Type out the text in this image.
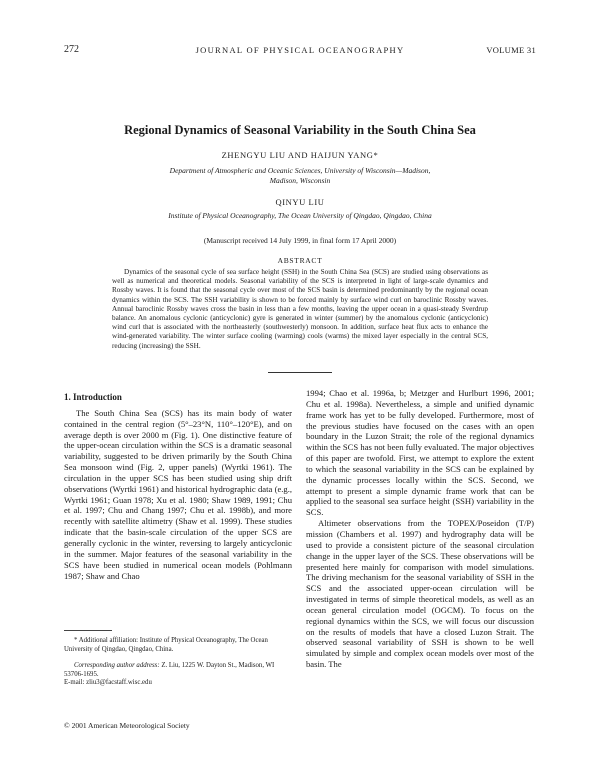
272	JOURNAL OF PHYSICAL OCEANOGRAPHY	VOLUME 31
Regional Dynamics of Seasonal Variability in the South China Sea
ZHENGYU LIU AND HAIJUN YANG*
Department of Atmospheric and Oceanic Sciences, University of Wisconsin—Madison,
Madison, Wisconsin
QINYU LIU
Institute of Physical Oceanography, The Ocean University of Qingdao, Qingdao, China
(Manuscript received 14 July 1999, in final form 17 April 2000)
ABSTRACT
Dynamics of the seasonal cycle of sea surface height (SSH) in the South China Sea (SCS) are studied using observations as well as numerical and theoretical models. Seasonal variability of the SCS is interpreted in light of large-scale dynamics and Rossby waves. It is found that the seasonal cycle over most of the SCS basin is determined predominantly by the regional ocean dynamics within the SCS. The SSH variability is shown to be forced mainly by surface wind curl on baroclinic Rossby waves. Annual baroclinic Rossby waves cross the basin in less than a few months, leaving the upper ocean in a quasi-steady Sverdrup balance. An anomalous cyclonic (anticyclonic) gyre is generated in winter (summer) by the anomalous cyclonic (anticyclonic) wind curl that is associated with the northeasterly (southwesterly) monsoon. In addition, surface heat flux acts to enhance the wind-generated variability. The winter surface cooling (warming) cools (warms) the mixed layer especially in the central SCS, reducing (increasing) the SSH.
1. Introduction

The South China Sea (SCS) has its main body of water contained in the central region (5°–23°N, 110°–120°E), and on average depth is over 2000 m (Fig. 1). One distinctive feature of the upper-ocean circulation within the SCS is a dramatic seasonal variability, suggested to be driven primarily by the South China Sea monsoon wind (Fig. 2, upper panels) (Wyrtki 1961). The circulation in the upper SCS has been studied using ship drift observations (Wyrtki 1961) and historical hydrographic data (e.g., Wyrtki 1961; Guan 1978; Xu et al. 1980; Shaw 1989, 1991; Chu et al. 1997; Chu and Chang 1997; Chu et al. 1998b), and more recently with satellite altimetry (Shaw et al. 1999). These studies indicate that the basin-scale circulation of the upper SCS are generally cyclonic in the winter, reversing to largely anticyclonic in the summer. Major features of the seasonal variability in the SCS have been studied in numerical ocean models (Pohlmann 1987; Shaw and Chao

1994; Chao et al. 1996a, b; Metzger and Hurlburt 1996, 2001; Chu et al. 1998a). Nevertheless, a simple and unified dynamic frame work has yet to be fully developed. Furthermore, most of the previous studies have focused on the cases with an open boundary in the Luzon Strait; the role of the regional dynamics within the SCS has not been fully evaluated. The major objectives of this paper are twofold. First, we attempt to explore the extent to which the seasonal variability in the SCS can be explained by the dynamic processes locally within the SCS. Second, we attempt to present a simple dynamic frame work that can be applied to the seasonal sea surface height (SSH) variability in the SCS.

Altimeter observations from the TOPEX/Poseidon (T/P) mission (Chambers et al. 1997) and hydrography data will be used to provide a consistent picture of the seasonal circulation change in the upper layer of the SCS. These observations will be presented here mainly for comparison with model simulations. The driving mechanism for the seasonal variability of SSH in the SCS and the associated upper-ocean circulation will be investigated in terms of simple theoretical models, as well as an ocean general circulation model (OGCM). To focus on the regional dynamics within the SCS, we will focus our discussion on the results of models that have a closed Luzon Strait. The observed seasonal variability of SSH is shown to be well simulated by simple and complex ocean models over most of the basin. The

* Additional affiliation: Institute of Physical Oceanography, The Ocean University of Qingdao, Qingdao, China.

Corresponding author address: Z. Liu, 1225 W. Dayton St., Madison, WI 53706-1695.

E-mail: zliu3@facstaff.wisc.edu
© 2001 American Meteorological Society
